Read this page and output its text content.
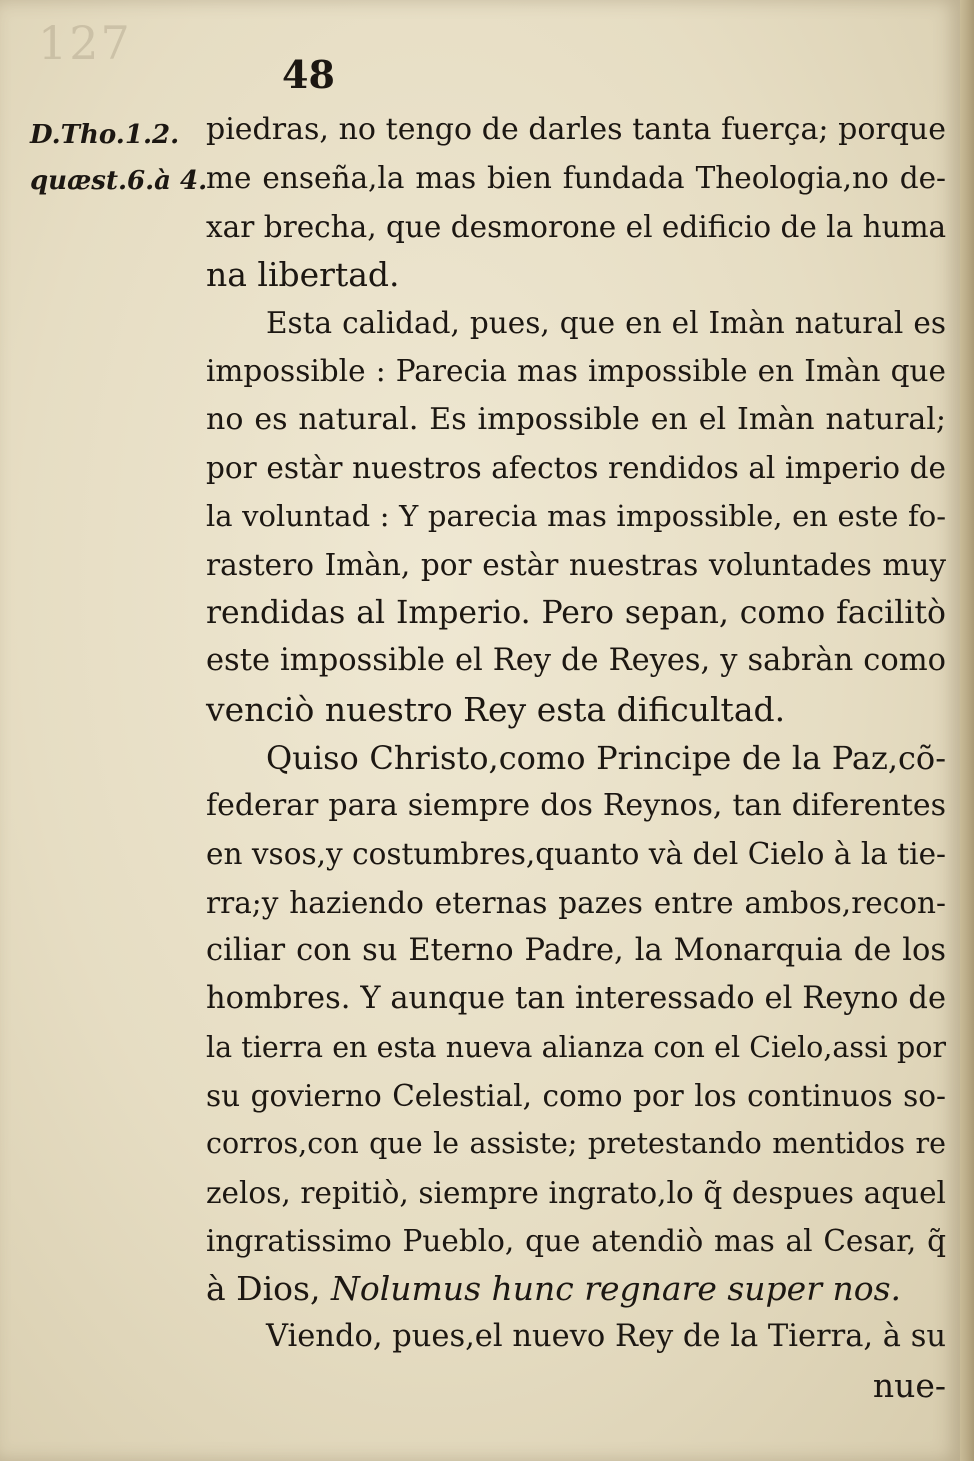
127
48
D.Tho.1.2.
quæst.6.à 4.
piedras, no tengo de darles tanta fuerça; porque
me enseña,la mas bien fundada Theologia,no de-
xar brecha, que desmorone el edificio de la huma
na libertad.
Esta calidad, pues, que en el Imàn natural es
impossible : Parecia mas impossible en Imàn que
no es natural. Es impossible en el Imàn natural;
por estàr nuestros afectos rendidos al imperio de
la voluntad : Y parecia mas impossible, en este fo-
rastero Imàn, por estàr nuestras voluntades muy
rendidas al Imperio. Pero sepan, como facilitò
este impossible el Rey de Reyes, y sabràn como
venciò nuestro Rey esta dificultad.
Quiso Christo,como Principe de la Paz,cõ-
federar para siempre dos Reynos, tan diferentes
en vsos,y costumbres,quanto và del Cielo à la tie-
rra;y haziendo eternas pazes entre ambos,recon-
ciliar con su Eterno Padre, la Monarquia de los
hombres. Y aunque tan interessado el Reyno de
la tierra en esta nueva alianza con el Cielo,assi por
su govierno Celestial, como por los continuos so-
corros,con que le assiste; pretestando mentidos re
zelos, repitiò, siempre ingrato,lo q̃ despues aquel
ingratissimo Pueblo, que atendiò mas al Cesar, q̃
à Dios, Nolumus hunc regnare super nos.
Viendo, pues,el nuevo Rey de la Tierra, à su
nue-
